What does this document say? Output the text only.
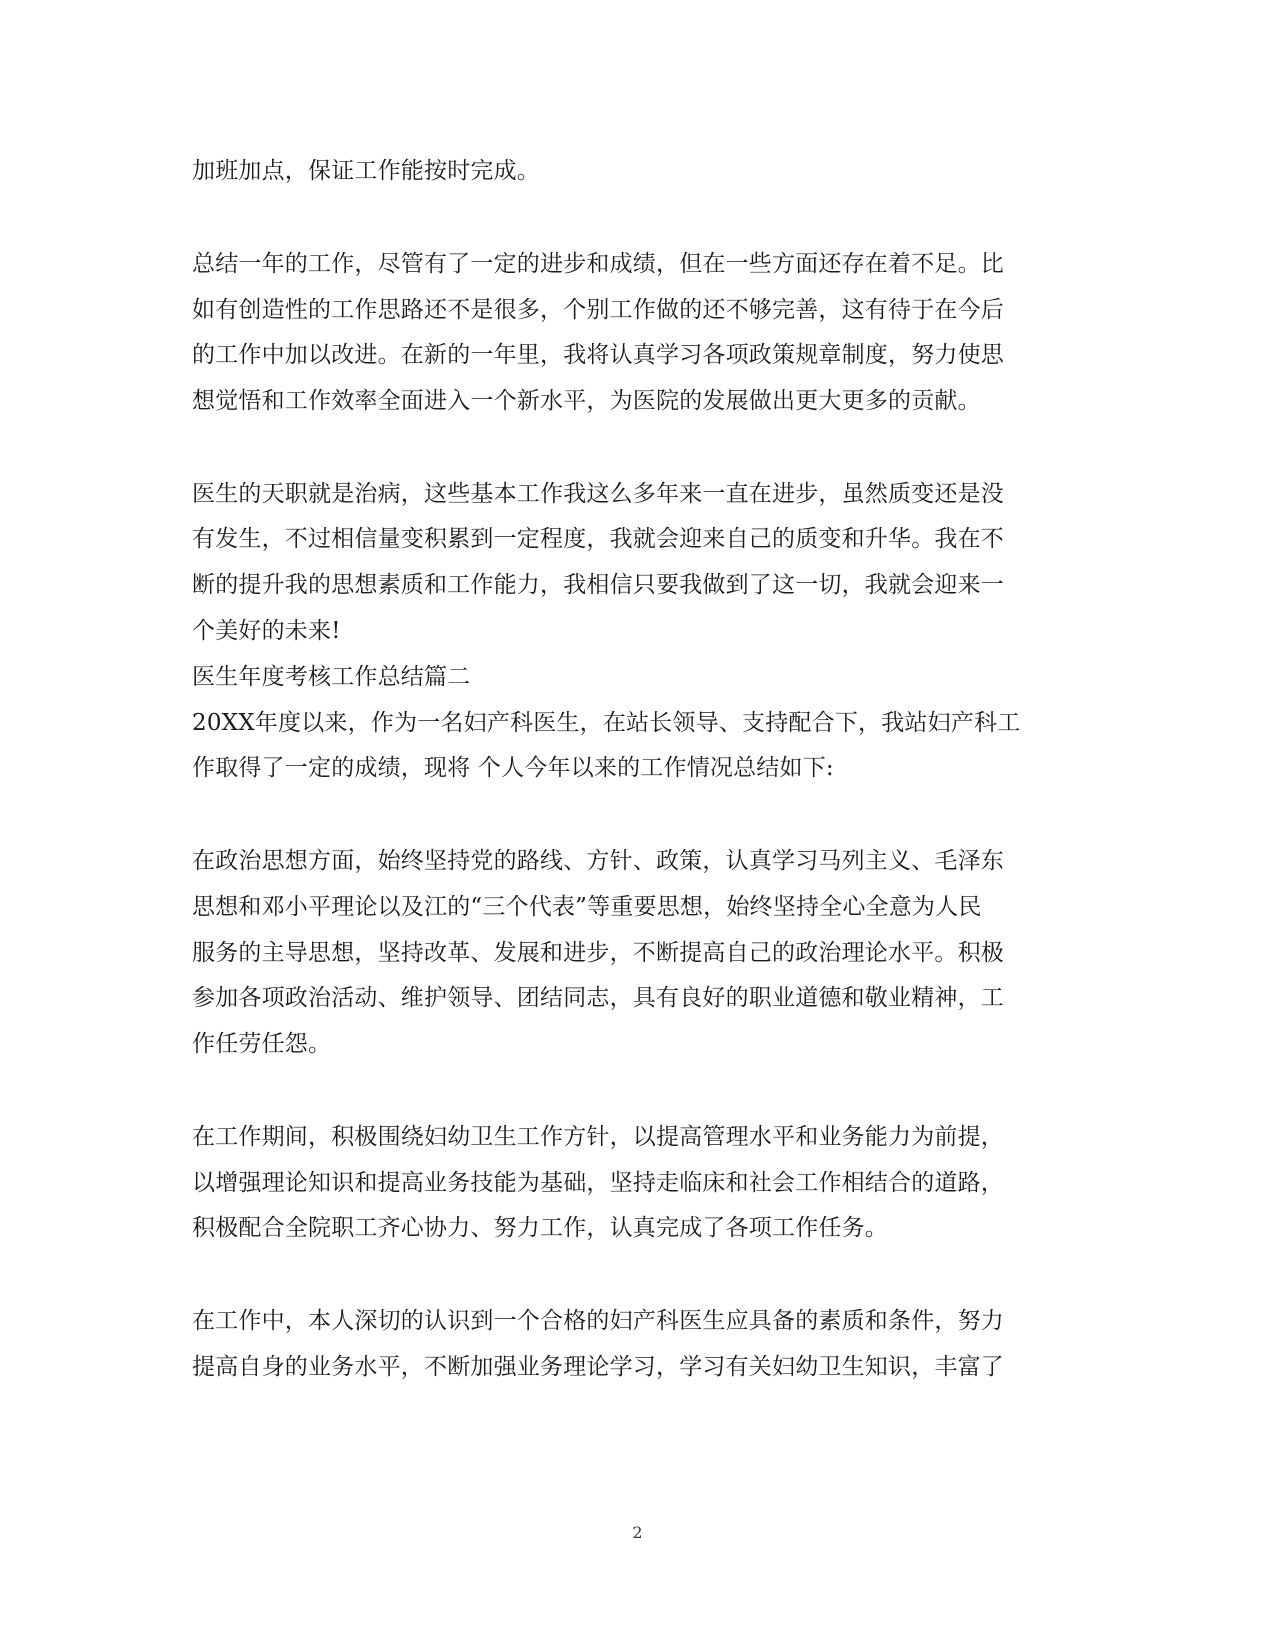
加班加点，保证工作能按时完成。
总结一年的工作，尽管有了一定的进步和成绩，但在一些方面还存在着不足。比
如有创造性的工作思路还不是很多，个别工作做的还不够完善，这有待于在今后
的工作中加以改进。在新的一年里，我将认真学习各项政策规章制度，努力使思
想觉悟和工作效率全面进入一个新水平，为医院的发展做出更大更多的贡献。
医生的天职就是治病，这些基本工作我这么多年来一直在进步，虽然质变还是没
有发生，不过相信量变积累到一定程度，我就会迎来自己的质变和升华。我在不
断的提升我的思想素质和工作能力，我相信只要我做到了这一切，我就会迎来一
个美好的未来!
医生年度考核工作总结篇二
20XX年度以来，作为一名妇产科医生，在站长领导、支持配合下，我站妇产科工
作取得了一定的成绩，现将 个人今年以来的工作情况总结如下:
在政治思想方面，始终坚持党的路线、方针、政策，认真学习马列主义、毛泽东
思想和邓小平理论以及江的“三个代表”等重要思想，始终坚持全心全意为人民
服务的主导思想，坚持改革、发展和进步，不断提高自己的政治理论水平。积极
参加各项政治活动、维护领导、团结同志，具有良好的职业道德和敬业精神，工
作任劳任怨。
在工作期间，积极围绕妇幼卫生工作方针，以提高管理水平和业务能力为前提，
以增强理论知识和提高业务技能为基础，坚持走临床和社会工作相结合的道路，
积极配合全院职工齐心协力、努力工作，认真完成了各项工作任务。
在工作中，本人深切的认识到一个合格的妇产科医生应具备的素质和条件，努力
提高自身的业务水平，不断加强业务理论学习，学习有关妇幼卫生知识，丰富了
2
